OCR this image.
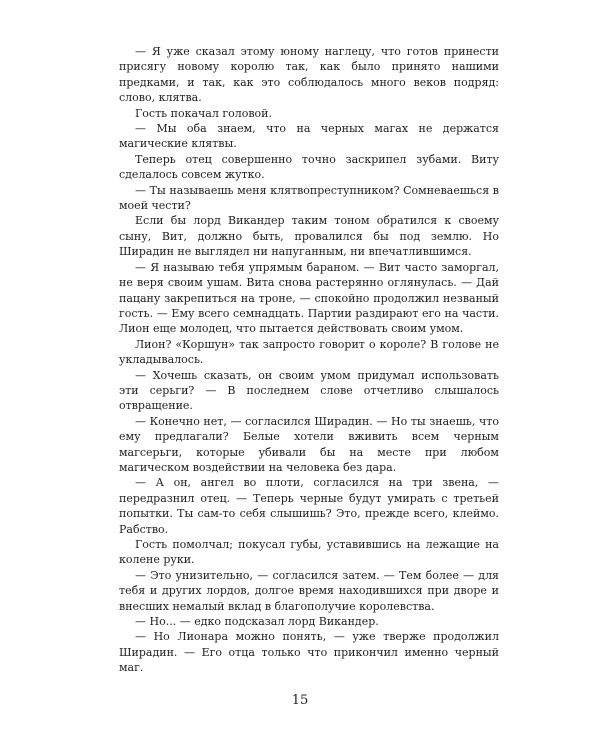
— Я уже сказал этому юному наглецу, что готов принести присягу новому королю так, как было принято нашими предками, и так, как это соблюдалось много веков подряд: слово, клятва.

Гость покачал головой.

— Мы оба знаем, что на черных магах не держатся магические клятвы.

Теперь отец совершенно точно заскрипел зубами. Виту сделалось совсем жутко.

— Ты называешь меня клятвопреступником? Сомневаешься в моей чести?

Если бы лорд Викандер таким тоном обратился к своему сыну, Вит, должно быть, провалился бы под землю. Но Ширадин не выглядел ни напуганным, ни впечатлившимся.

— Я называю тебя упрямым бараном. — Вит часто заморгал, не веря своим ушам. Вита снова растерянно оглянулась. — Дай пацану закрепиться на троне, — спокойно продолжил незваный гость. — Ему всего семнадцать. Партии раздирают его на части. Лион еще молодец, что пытается действовать своим умом.

Лион? «Коршун» так запросто говорит о короле? В голове не укладывалось.

— Хочешь сказать, он своим умом придумал использовать эти серьги? — В последнем слове отчетливо слышалось отвращение.

— Конечно нет, — согласился Ширадин. — Но ты знаешь, что ему предлагали? Белые хотели вживить всем черным магсерьги, которые убивали бы на месте при любом магическом воздействии на человека без дара.

— А он, ангел во плоти, согласился на три звена, — передразнил отец. — Теперь черные будут умирать с третьей попытки. Ты сам-то себя слышишь? Это, прежде всего, клеймо. Рабство.

Гость помолчал; покусал губы, уставившись на лежащие на колене руки.

— Это унизительно, — согласился затем. — Тем более — для тебя и других лордов, долгое время находившихся при дворе и внесших немалый вклад в благополучие королевства.

— Но... — едко подсказал лорд Викандер.

— Но Лионара можно понять, — уже тверже продолжил Ширадин. — Его отца только что прикончил именно черный маг.

15
